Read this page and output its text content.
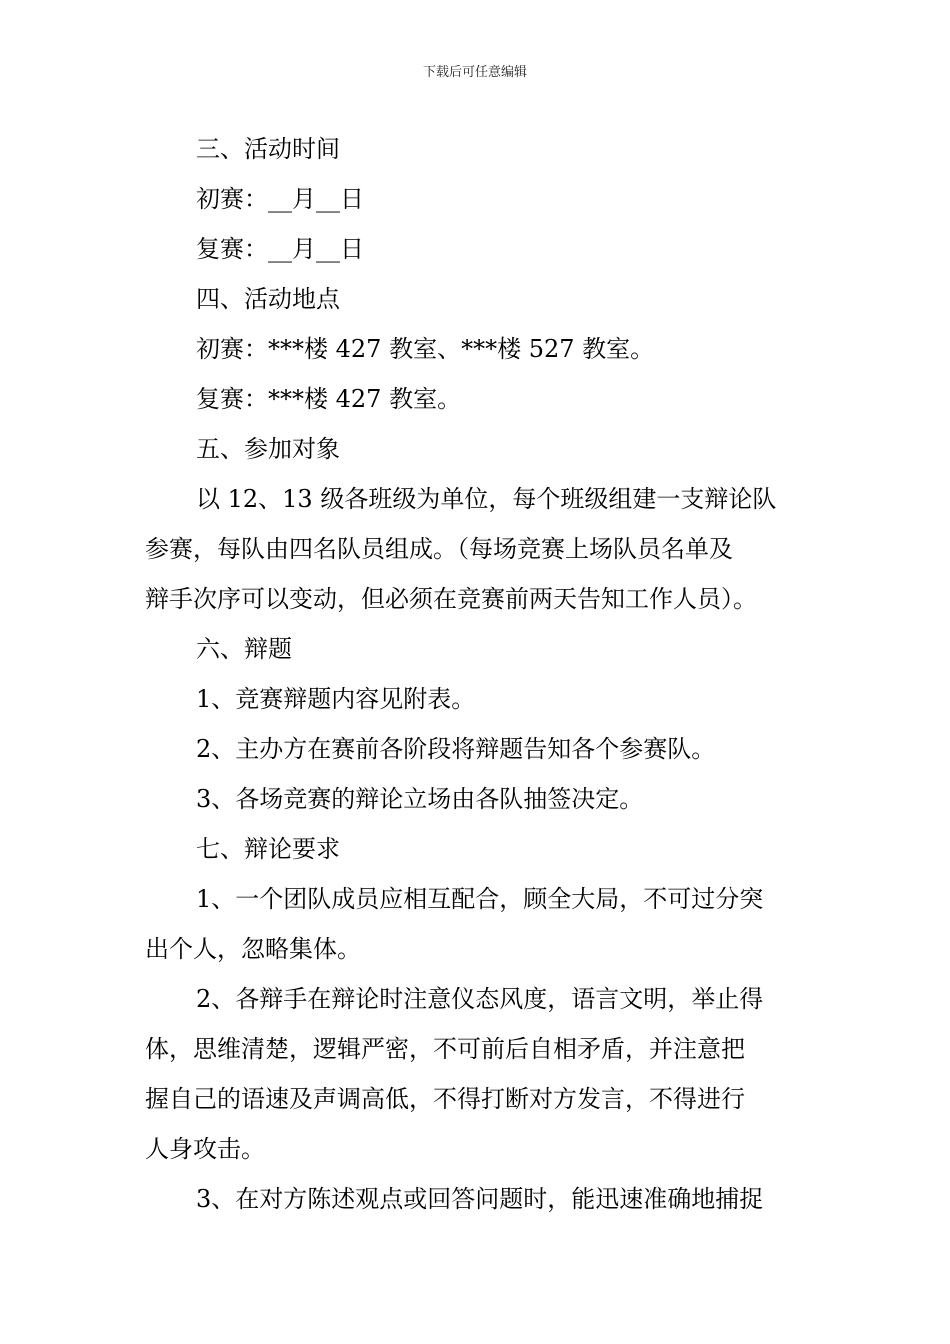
下载后可任意编辑
三、活动时间
初赛：__月__日
复赛：__月__日
四、活动地点
初赛：***楼 427 教室、***楼 527 教室。
复赛：***楼 427 教室。
五、参加对象
以 12、13 级各班级为单位，每个班级组建一支辩论队
参赛，每队由四名队员组成。（每场竞赛上场队员名单及
辩手次序可以变动，但必须在竞赛前两天告知工作人员）。
六、辩题
1、竞赛辩题内容见附表。
2、主办方在赛前各阶段将辩题告知各个参赛队。
3、各场竞赛的辩论立场由各队抽签决定。
七、辩论要求
1、一个团队成员应相互配合，顾全大局，不可过分突
出个人，忽略集体。
2、各辩手在辩论时注意仪态风度，语言文明，举止得
体，思维清楚，逻辑严密，不可前后自相矛盾，并注意把
握自己的语速及声调高低，不得打断对方发言，不得进行
人身攻击。
3、在对方陈述观点或回答问题时，能迅速准确地捕捉
